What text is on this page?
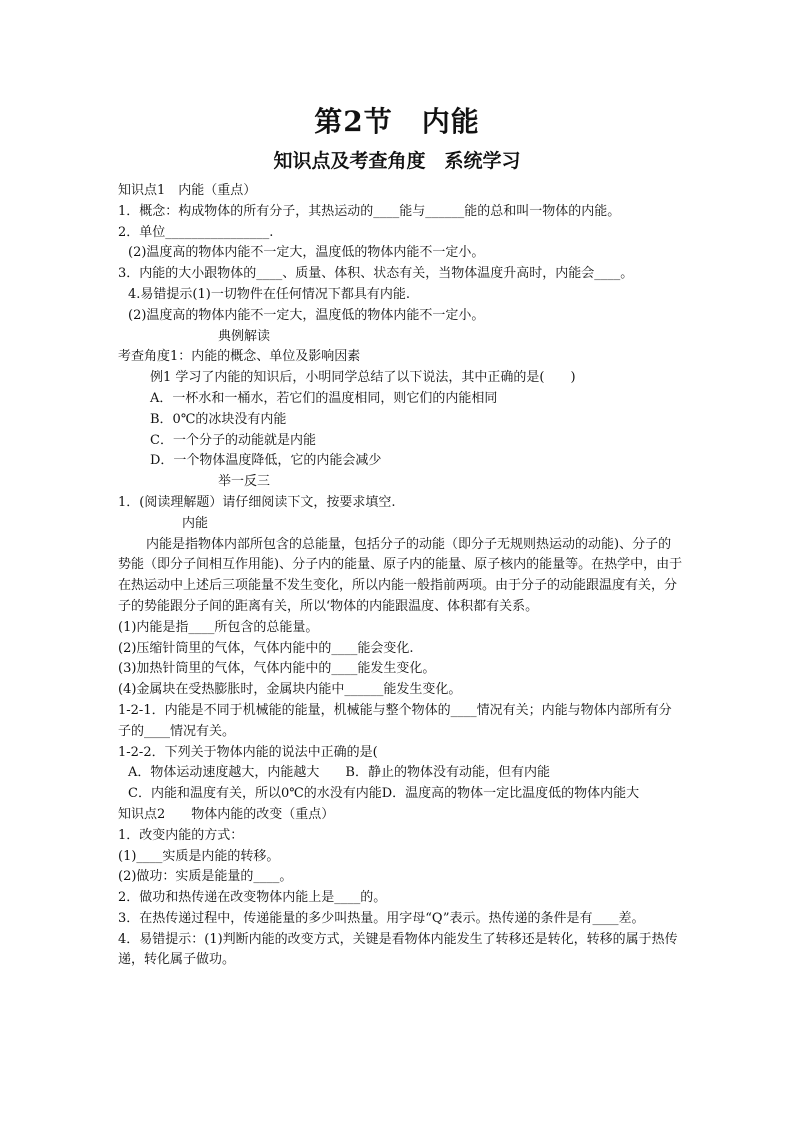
第2节　内能
知识点及考查角度　系统学习

知识点1　内能（重点）

1．概念：构成物体的所有分子，其热运动的____能与______能的总和叫一物体的内能。

2．单位________________.

(2)温度高的物体内能不一定大，温度低的物体内能不一定小。

3．内能的大小跟物体的____、质量、体积、状态有关，当物体温度升高时，内能会____。

4.易错提示(1)一切物件在任何情况下都具有内能.

(2)温度高的物体内能不一定大，温度低的物体内能不一定小。

典例解读

考查角度1：内能的概念、单位及影响因素

例1 学习了内能的知识后，小明同学总结了以下说法，其中正确的是(　　)

A．一杯水和一桶水，若它们的温度相同，则它们的内能相同

B．0℃的冰块没有内能

C．一个分子的动能就是内能

D．一个物体温度降低，它的内能会减少

举一反三

1．(阅读理解题）请仔细阅读下文，按要求填空.

内能

内能是指物体内部所包含的总能量，包括分子的动能（即分子无规则热运动的动能)、分子的势能（即分子间相互作用能)、分子内的能量、原子内的能量、原子核内的能量等。在热学中，由于在热运动中上述后三项能量不发生变化，所以内能一般指前两项。由于分子的动能跟温度有关，分子的势能跟分子间的距离有关，所以‘物体的内能跟温度、体积都有关系。

(1)内能是指____所包含的总能量。

(2)压缩针筒里的气体，气体内能中的____能会变化.

(3)加热针筒里的气体，气体内能中的____能发生变化。

(4)金属块在受热膨胀时，金属块内能中______能发生变化。

1-2-1．内能是不同于机械能的能量，机械能与整个物体的____情况有关；内能与物体内部所有分子的____情况有关。

1-2-2．下列关于物体内能的说法中正确的是(

A．物体运动速度越大，内能越大　　B．静止的物体没有动能，但有内能

C．内能和温度有关，所以0℃的水没有内能D．温度高的物体一定比温度低的物体内能大

知识点2　　物体内能的改变（重点）

1．改变内能的方式：

(1)____实质是内能的转移。

(2)做功：实质是能量的____。

2．做功和热传递在改变物体内能上是____的。

3．在热传递过程中，传递能量的多少叫热量。用字母“Q”表示。热传递的条件是有____差。

4．易错提示：(1)判断内能的改变方式，关键是看物体内能发生了转移还是转化，转移的属于热传递，转化属子做功。
